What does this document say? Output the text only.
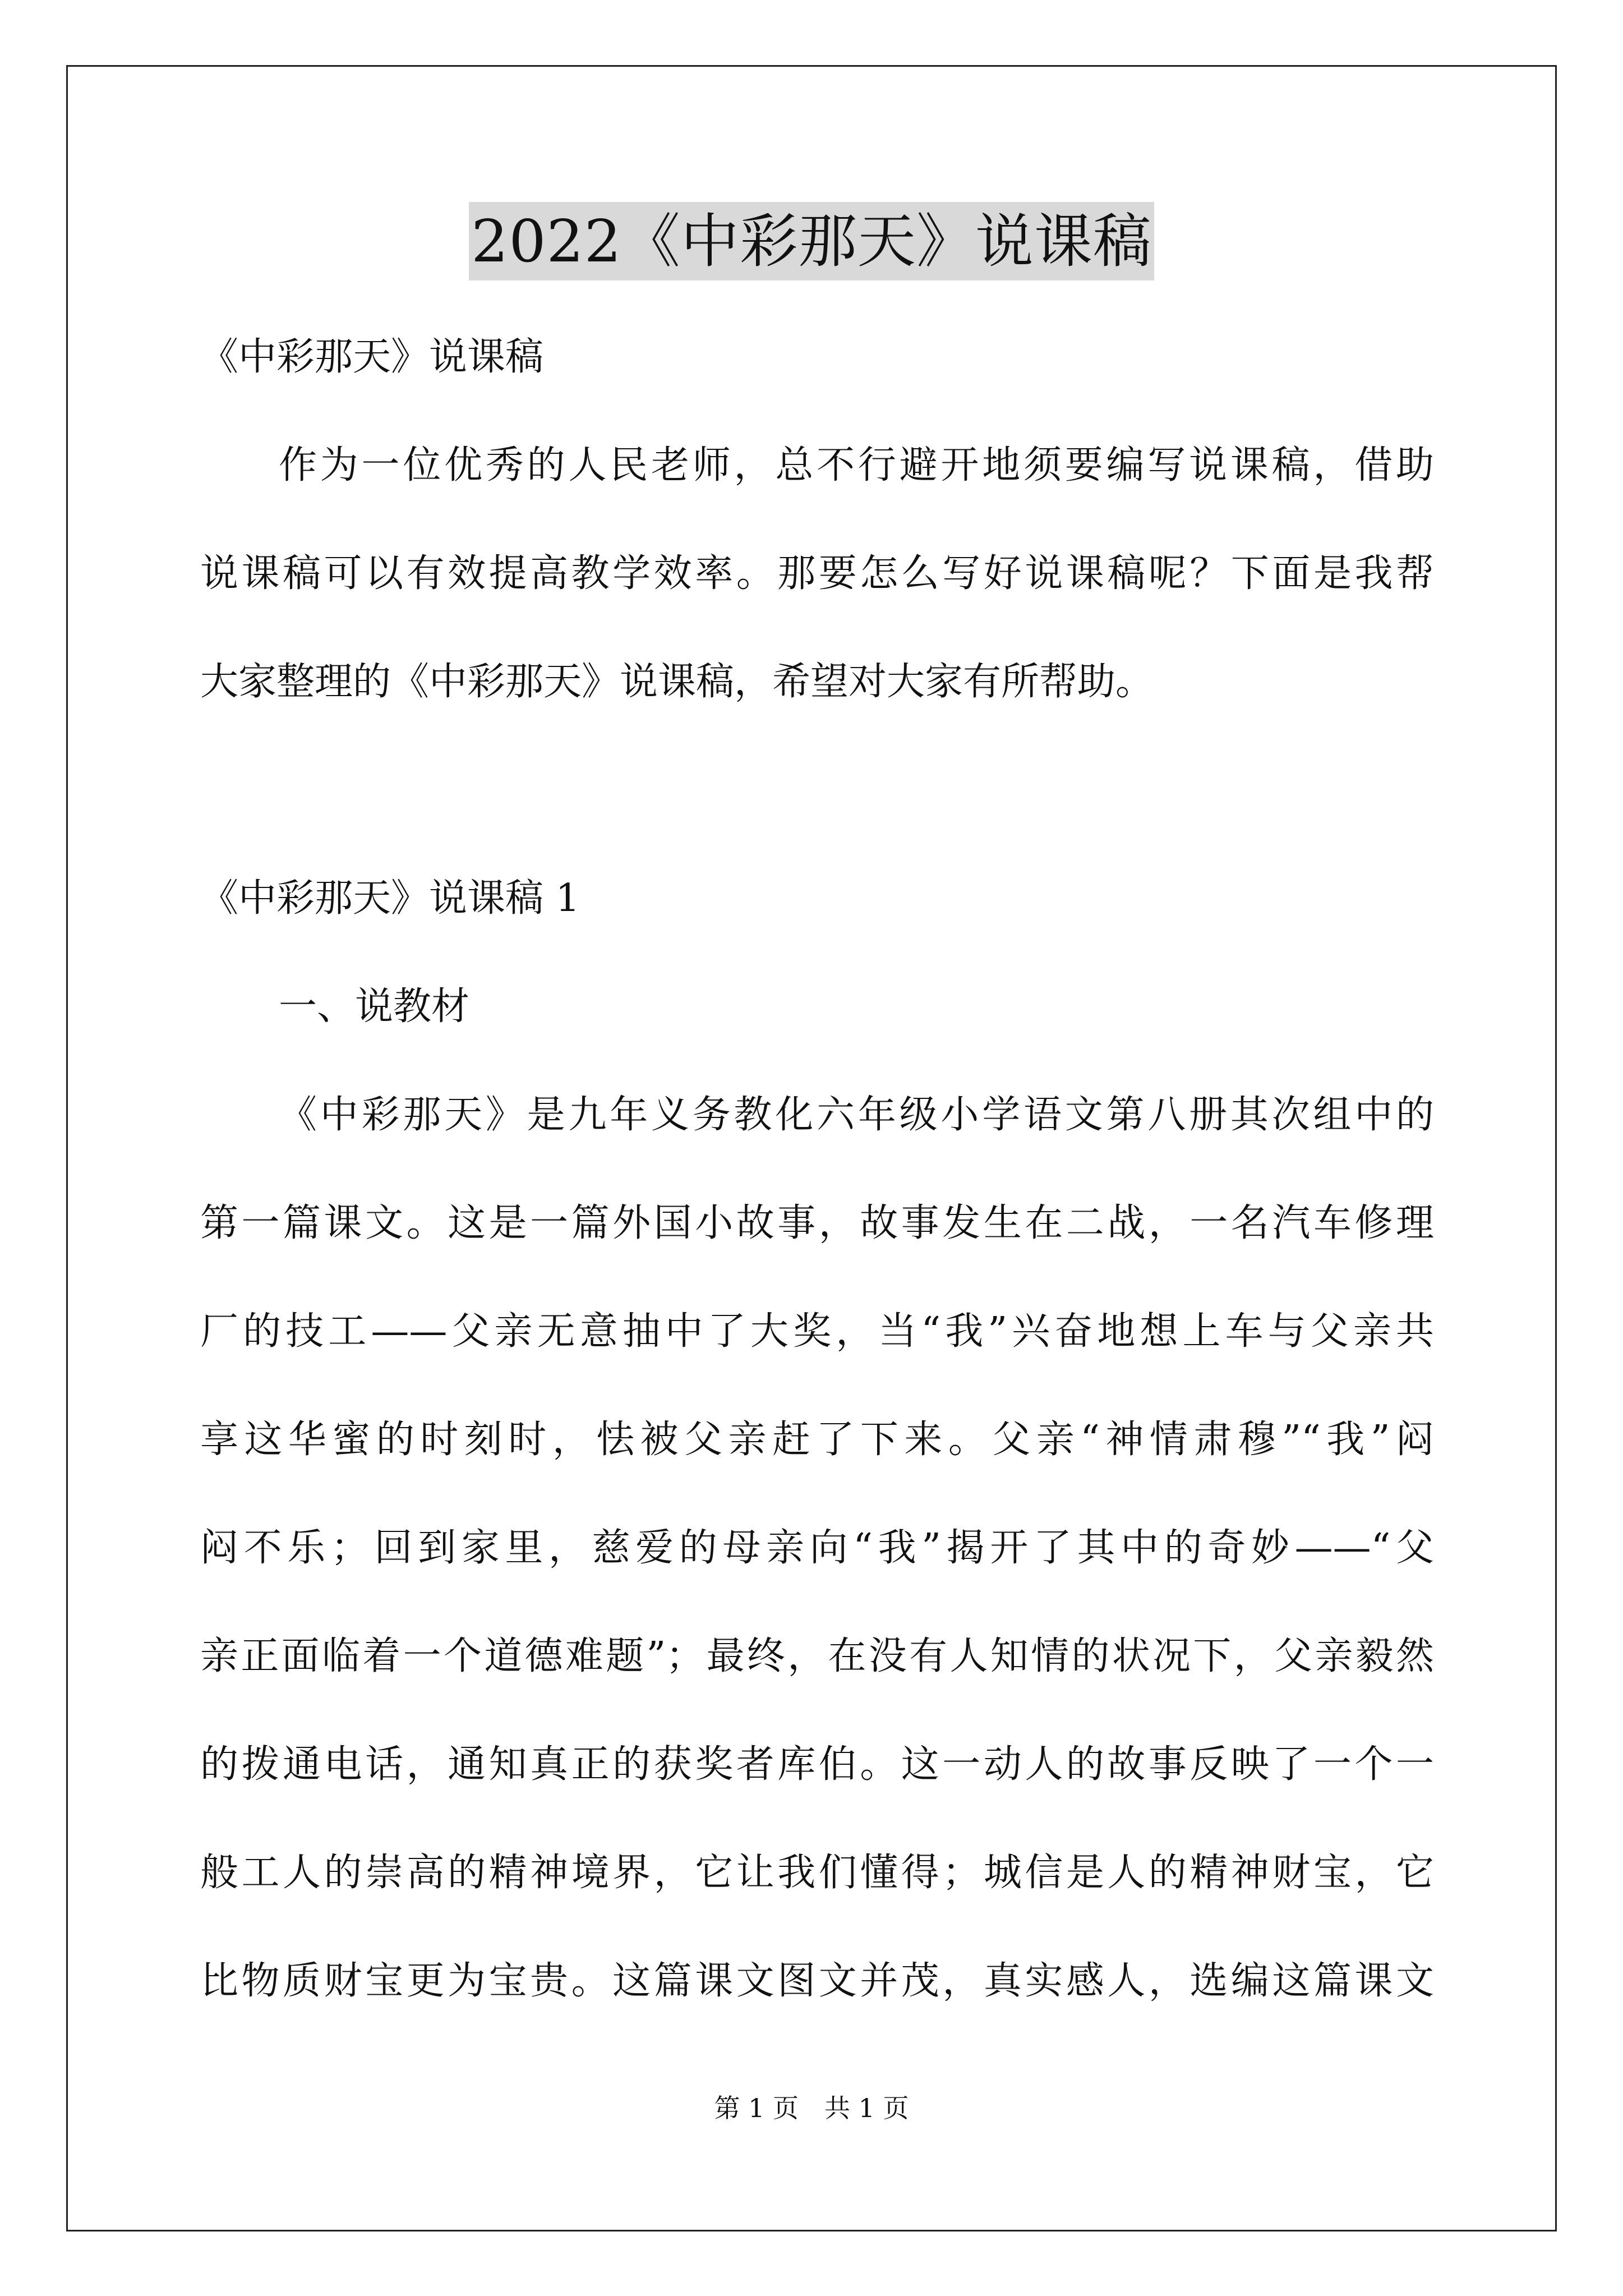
2022《中彩那天》说课稿
《中彩那天》说课稿
作为一位优秀的人民老师，总不行避开地须要编写说课稿，借助
说课稿可以有效提高教学效率。那要怎么写好说课稿呢？下面是我帮
大家整理的《中彩那天》说课稿，希望对大家有所帮助。
《中彩那天》说课稿 1
一、说教材
《中彩那天》是九年义务教化六年级小学语文第八册其次组中的
第一篇课文。这是一篇外国小故事，故事发生在二战，一名汽车修理
厂的技工——父亲无意抽中了大奖，当“我”兴奋地想上车与父亲共
享这华蜜的时刻时，怯被父亲赶了下来。父亲“神情肃穆”“我”闷
闷不乐；回到家里，慈爱的母亲向“我”揭开了其中的奇妙——“父
亲正面临着一个道德难题”；最终，在没有人知情的状况下，父亲毅然
的拨通电话，通知真正的获奖者库伯。这一动人的故事反映了一个一
般工人的崇高的精神境界，它让我们懂得；城信是人的精神财宝，它
比物质财宝更为宝贵。这篇课文图文并茂，真实感人，选编这篇课文
第 1 页　共 1 页
